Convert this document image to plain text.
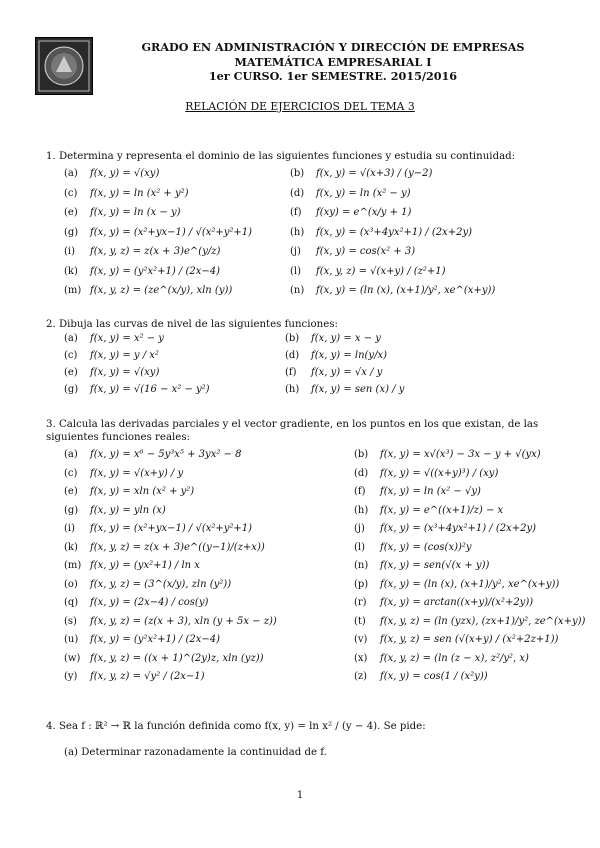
GRADO EN ADMINISTRACIÓN Y DIRECCIÓN DE EMPRESAS
MATEMÁTICA EMPRESARIAL I
1er CURSO. 1er SEMESTRE. 2015/2016
RELACIÓN DE EJERCICIOS DEL TEMA 3
1. Determina y representa el dominio de las siguientes funciones y estudia su continuidad:
(a) f(x, y) = √(xy)	(b) f(x, y) = √(x+3) / (y−2)
(c) f(x, y) = ln (x² + y²)	(d) f(x, y) = ln (x² − y)
(e) f(x, y) = ln (x − y)	(f) f(xy) = e^(x/y + 1)
(g) f(x, y) = (x²+yx−1) / √(x²+y²+1)	(h) f(x, y) = (x³+4yx²+1) / (2x+2y)
(i) f(x, y, z) = z(x + 3)e^(y/z)	(j) f(x, y) = cos(x² + 3)
(k) f(x, y) = (y²x²+1) / (2x−4)	(l) f(x, y, z) = √(x+y) / (z²+1)
(m) f(x, y, z) = (ze^(x/y), xln (y))	(n) f(x, y) = (ln (x), (x+1)/y², xe^(x+y))
2. Dibuja las curvas de nivel de las siguientes funciones:
(a) f(x, y) = x² − y	(b) f(x, y) = x − y
(c) f(x, y) = y / x²	(d) f(x, y) = ln(y/x)
(e) f(x, y) = √(xy)	(f) f(x, y) = √x / y
(g) f(x, y) = √(16 − x² − y²)	(h) f(x, y) = sen (x) / y
3. Calcula las derivadas parciales y el vector gradiente, en los puntos en los que existan, de las siguientes funciones reales:
(a) f(x, y) = x⁶ − 5y³x⁵ + 3yx² − 8	(b) f(x, y) = x√(x³) − 3x − y + √(yx)
(c) f(x, y) = √(x+y) / y	(d) f(x, y) = √((x+y)³) / (xy)
(e) f(x, y) = xln (x² + y²)	(f) f(x, y) = ln (x² − √y)
(g) f(x, y) = yln (x)	(h) f(x, y) = e^((x+1)/z) − x
(i) f(x, y) = (x²+yx−1) / √(x²+y²+1)	(j) f(x, y) = (x³+4yx²+1) / (2x+2y)
(k) f(x, y, z) = z(x + 3)e^((y−1)/(z+x))	(l) f(x, y) = (cos(x))²y
(m) f(x, y) = (yx²+1) / ln x	(n) f(x, y) = sen(√(x + y))
(o) f(x, y, z) = (3^(x/y), zln (y²))	(p) f(x, y) = (ln (x), (x+1)/y², xe^(x+y))
(q) f(x, y) = (2x−4) / cos(y)	(r) f(x, y) = arctan((x+y)/(x²+2y))
(s) f(x, y, z) = (z(x + 3), xln (y + 5x − z))	(t) f(x, y, z) = (ln (yzx), (zx+1)/y², ze^(x+y))
(u) f(x, y) = (y²x²+1) / (2x−4)	(v) f(x, y, z) = sen (√(x+y) / (x²+2z+1))
(w) f(x, y, z) = ((x + 1)^(2y)z, xln (yz))	(x) f(x, y, z) = (ln (z − x), z²/y², x)
(y) f(x, y, z) = √y² / (2x−1)	(z) f(x, y) = cos(1 / (x²y))
4. Sea f : ℝ² → ℝ la función definida como f(x, y) = ln x² / (y − 4). Se pide:
(a) Determinar razonadamente la continuidad de f.
1
